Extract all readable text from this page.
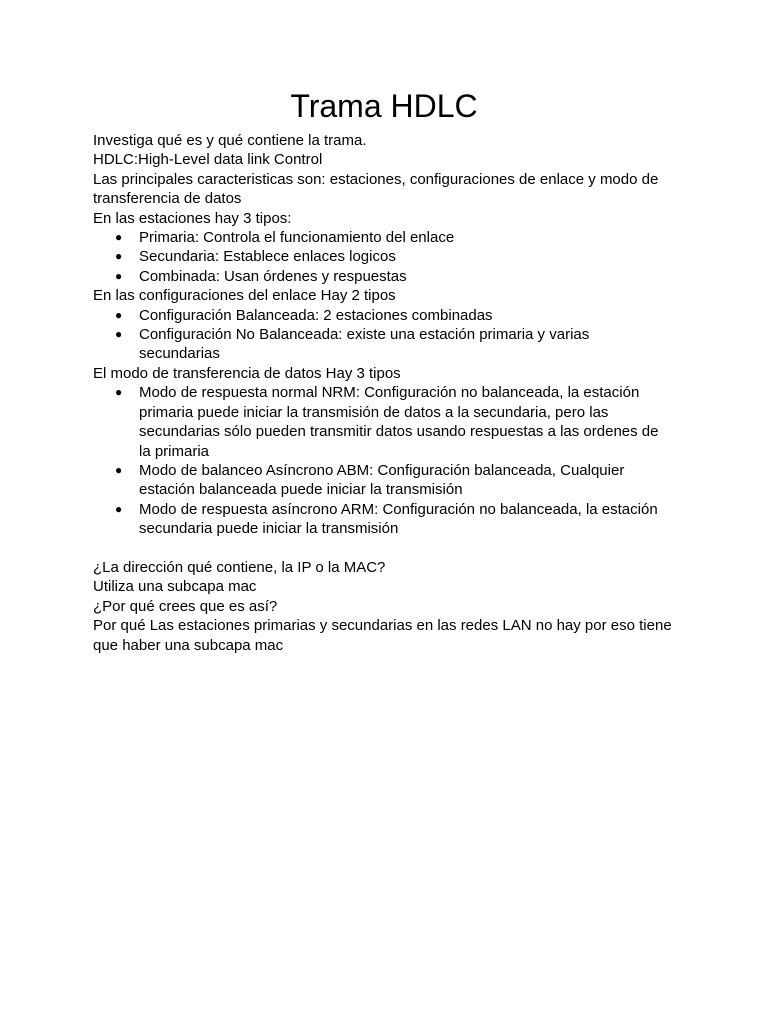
Trama HDLC

Investiga qué es y qué contiene la trama.

HDLC:High-Level data link Control

Las principales caracteristicas son: estaciones, configuraciones de enlace y modo de transferencia de datos

En las estaciones hay 3 tipos:

● Primaria: Controla el funcionamiento del enlace
● Secundaria: Establece enlaces logicos
● Combinada: Usan órdenes y respuestas

En las configuraciones del enlace Hay 2 tipos

● Configuración Balanceada: 2 estaciones combinadas
● Configuración No Balanceada: existe una estación primaria y varias secundarias

El modo de transferencia de datos Hay 3 tipos

● Modo de respuesta normal NRM: Configuración no balanceada, la estación primaria puede iniciar la transmisión de datos a la secundaria, pero las secundarias sólo pueden transmitir datos usando respuestas a las ordenes de la primaria
● Modo de balanceo Asíncrono ABM: Configuración balanceada, Cualquier estación balanceada puede iniciar la transmisión
● Modo de respuesta asíncrono ARM: Configuración no balanceada, la estación secundaria puede iniciar la transmisión

¿La dirección qué contiene, la IP o la MAC?

Utiliza una subcapa mac

¿Por qué crees que es así?

Por qué Las estaciones primarias y secundarias en las redes LAN no hay por eso tiene que haber una subcapa mac
